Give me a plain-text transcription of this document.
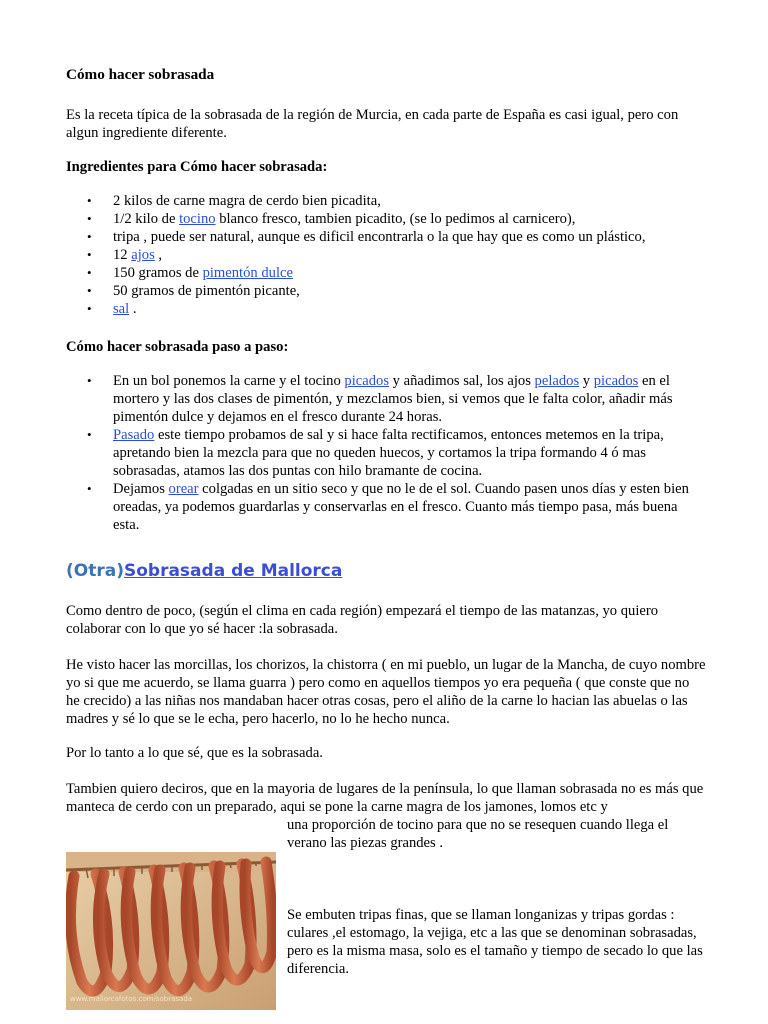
Cómo hacer sobrasada

Es la receta típica de la sobrasada de la región de Murcia, en cada parte de España es casi igual, pero con algun ingrediente diferente.

Ingredientes para Cómo hacer sobrasada:
• 2 kilos de carne magra de cerdo bien picadita,
• 1/2 kilo de tocino blanco fresco, tambien picadito, (se lo pedimos al carnicero),
• tripa , puede ser natural, aunque es dificil encontrarla o la que hay que es como un plástico,
• 12 ajos ,
• 150 gramos de pimentón dulce
• 50 gramos de pimentón picante,
• sal .
Cómo hacer sobrasada paso a paso:
• En un bol ponemos la carne y el tocino picados y añadimos sal, los ajos pelados y picados en el mortero y las dos clases de pimentón, y mezclamos bien, si vemos que le falta color, añadir más pimentón dulce y dejamos en el fresco durante 24 horas.
• Pasado este tiempo probamos de sal y si hace falta rectificamos, entonces metemos en la tripa, apretando bien la mezcla para que no queden huecos, y cortamos la tripa formando 4 ó mas sobrasadas, atamos las dos puntas con hilo bramante de cocina.
• Dejamos orear colgadas en un sitio seco y que no le de el sol. Cuando pasen unos días y esten bien oreadas, ya podemos guardarlas y conservarlas en el fresco. Cuanto más tiempo pasa, más buena esta.
(Otra)Sobrasada de Mallorca

Como dentro de poco, (según el clima en cada región) empezará el tiempo de las matanzas, yo quiero colaborar con lo que yo sé hacer :la sobrasada.

He visto hacer las morcillas, los chorizos, la chistorra ( en mi pueblo, un lugar de la Mancha, de cuyo nombre yo si que me acuerdo, se llama guarra ) pero como en aquellos tiempos yo era pequeña ( que conste que no he crecido) a las niñas nos mandaban hacer otras cosas, pero el aliño de la carne lo hacian las abuelas o las madres y sé lo que se le echa, pero hacerlo, no lo he hecho nunca.

Por lo tanto a lo que sé, que es la sobrasada.

Tambien quiero deciros, que en la mayoria de lugares de la península, lo que llaman sobrasada no es más que manteca de cerdo con un preparado, aqui se pone la carne magra de los jamones, lomos etc y

una proporción de tocino para que no se resequen cuando llega el verano las piezas grandes .

www.mallorcafotos.com/sobrasada

Se embuten tripas finas, que se llaman longanizas y tripas gordas : culares ,el estomago, la vejiga, etc a las que se denominan sobrasadas, pero es la misma masa, solo es el tamaño y tiempo de secado lo que las diferencia.
